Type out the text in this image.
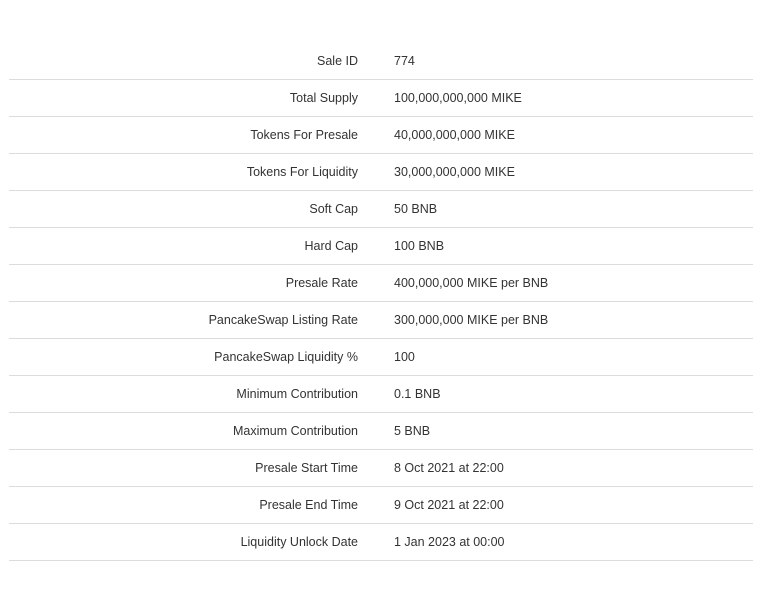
Sale ID	774
Total Supply	100,000,000,000 MIKE
Tokens For Presale	40,000,000,000 MIKE
Tokens For Liquidity	30,000,000,000 MIKE
Soft Cap	50 BNB
Hard Cap	100 BNB
Presale Rate	400,000,000 MIKE per BNB
PancakeSwap Listing Rate	300,000,000 MIKE per BNB
PancakeSwap Liquidity %	100
Minimum Contribution	0.1 BNB
Maximum Contribution	5 BNB
Presale Start Time	8 Oct 2021 at 22:00
Presale End Time	9 Oct 2021 at 22:00
Liquidity Unlock Date	1 Jan 2023 at 00:00
